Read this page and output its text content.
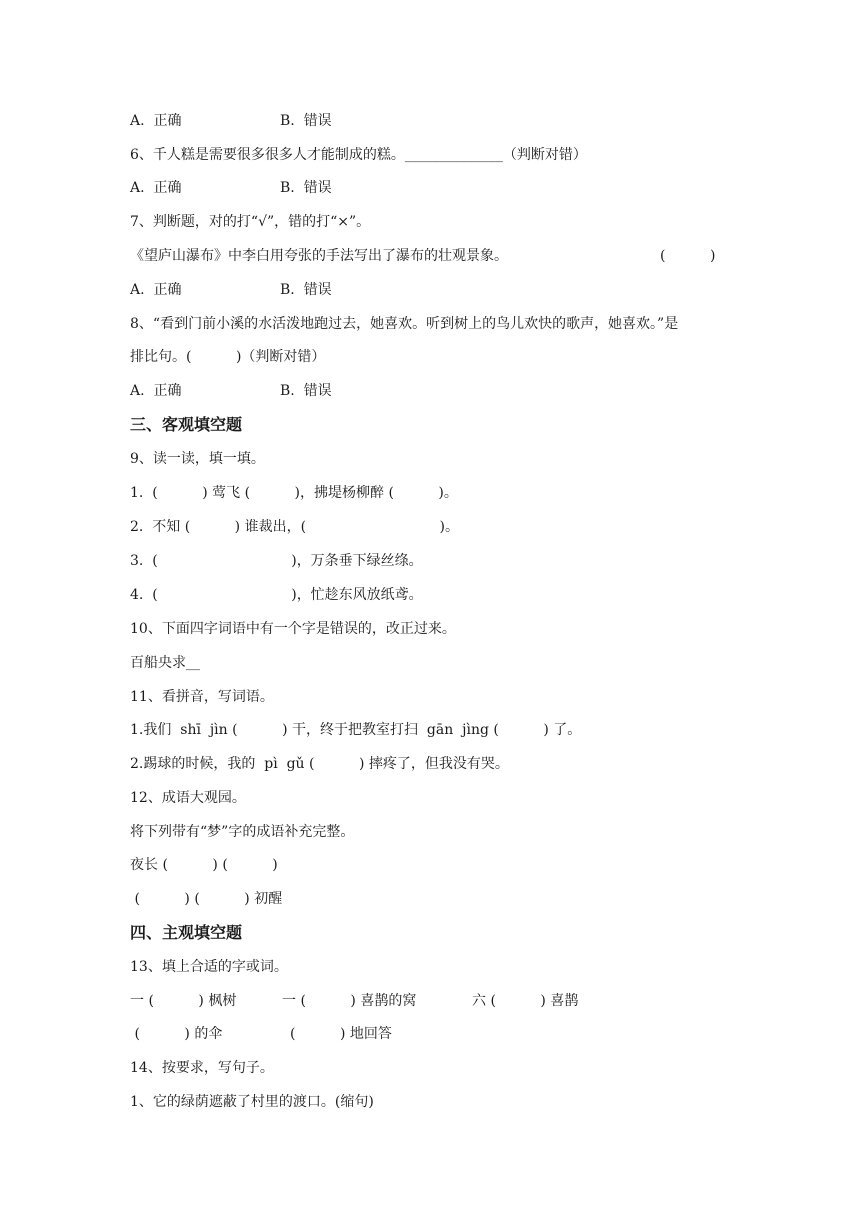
A.  正确	B.  错误
6、千人糕是需要很多很多人才能制成的糕。______________（判断对错）
A.  正确	B.  错误
7、判断题，对的打“√”，错的打“×”。
《望庐山瀑布》中李白用夸张的手法写出了瀑布的壮观景象。	(          )
A.  正确	B.  错误
8、“看到门前小溪的水活泼地跑过去，她喜欢。听到树上的鸟儿欢快的歌声，她喜欢。”是
排比句。(          )（判断对错）
A.  正确	B.  错误
三、客观填空题
9、读一读，填一填。
1.  (          ) 莺飞 (          )，拂堤杨柳醉 (          )。
2.  不知 (          ) 谁裁出，(                              )。
3.  (                              )，万条垂下绿丝绦。
4.  (                              )，忙趁东风放纸鸢。
10、下面四字词语中有一个字是错误的，改正过来。
百船央求__
11、看拼音，写词语。
1.我们  shī  jìn (          ) 干，终于把教室打扫  gān  jìng (          ) 了。
2.踢球的时候，我的  pì  gǔ (          ) 摔疼了，但我没有哭。
12、成语大观园。
将下列带有“梦”字的成语补充完整。
夜长 (          ) (          )
(          ) (          ) 初醒
四、主观填空题
13、填上合适的字或词。
一 (          ) 枫树	一 (          ) 喜鹊的窝	六 (          ) 喜鹊
(          ) 的伞	(          ) 地回答
14、按要求，写句子。
1、它的绿荫遮蔽了村里的渡口。(缩句)
